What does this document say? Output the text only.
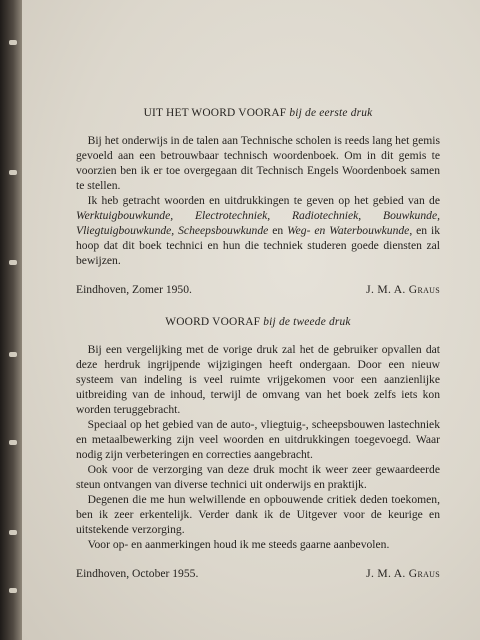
UIT HET WOORD VOORAF bij de eerste druk

 Bij het onderwijs in de talen aan Technische scholen is reeds lang het gemis gevoeld aan een betrouwbaar technisch woordenboek. Om in dit gemis te voorzien ben ik er toe overgegaan dit Technisch Engels Woordenboek samen te stellen.

 Ik heb getracht woorden en uitdrukkingen te geven op het gebied van de Werktuigbouwkunde, Electrotechniek, Radiotechniek, Bouwkunde, Vliegtuigbouwkunde, Scheepsbouwkunde en Weg- en Waterbouwkunde, en ik hoop dat dit boek technici en hun die techniek studeren goede diensten zal bewijzen.

Eindhoven, Zomer 1950.	J. M. A. Graus
WOORD VOORAF bij de tweede druk

 Bij een vergelijking met de vorige druk zal het de gebruiker opvallen dat deze herdruk ingrijpende wijzigingen heeft ondergaan. Door een nieuw systeem van indeling is veel ruimte vrijgekomen voor een aanzienlijke uitbreiding van de inhoud, terwijl de omvang van het boek zelfs iets kon worden teruggebracht.

 Speciaal op het gebied van de auto-, vliegtuig-, scheepsbouwen lastechniek en metaalbewerking zijn veel woorden en uitdrukkingen toegevoegd. Waar nodig zijn verbeteringen en correcties aangebracht.

 Ook voor de verzorging van deze druk mocht ik weer zeer gewaardeerde steun ontvangen van diverse technici uit onderwijs en praktijk.

 Degenen die me hun welwillende en opbouwende critiek deden toekomen, ben ik zeer erkentelijk. Verder dank ik de Uitgever voor de keurige en uitstekende verzorging.

 Voor op- en aanmerkingen houd ik me steeds gaarne aanbevolen.

Eindhoven, October 1955.	J. M. A. Graus
